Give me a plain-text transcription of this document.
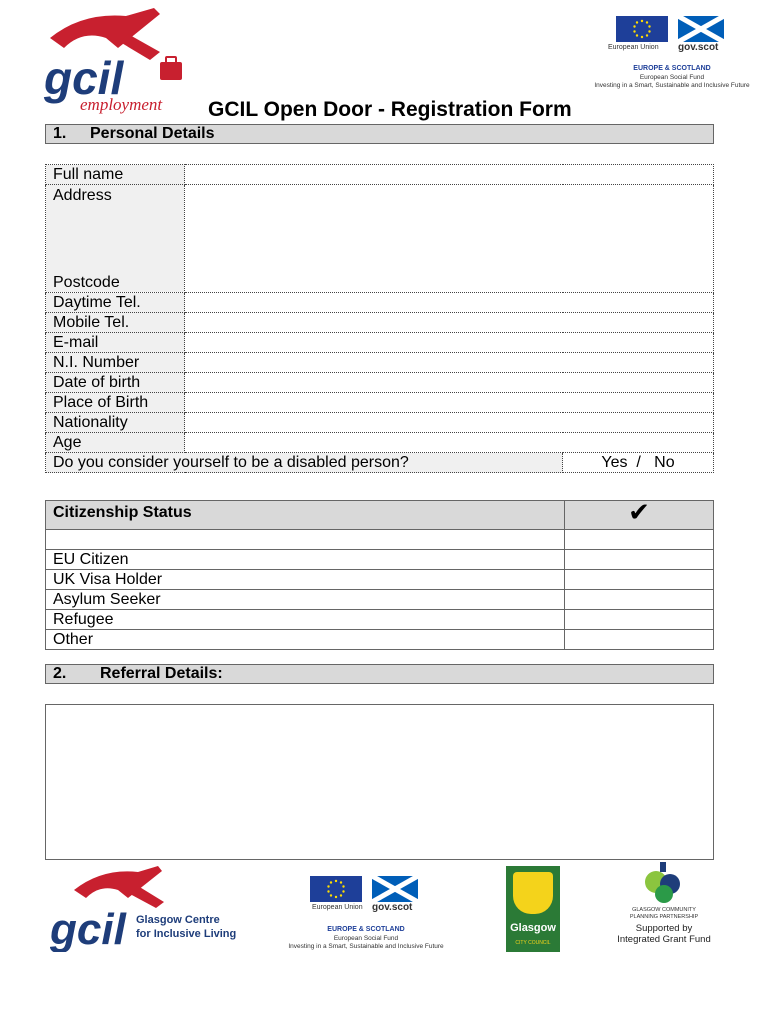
gcil
employment
European Union gov.scot
EUROPE & SCOTLAND
European Social Fund
Investing in a Smart, Sustainable and Inclusive Future
GCIL Open Door - Registration Form
1. Personal Details
Full name		

Address
Postcode		

Daytime Tel.		
Mobile Tel.		
E-mail		
N.I. Number		
Date of birth		
Place of Birth		
Nationality		
Age		
Do you consider yourself to be a disabled person?		Yes  /   No
Citizenship Status	✔

EU Citizen	
UK Visa Holder	
Asylum Seeker	
Refugee	
Other	
2. Referral Details:
gcil Glasgow Centre
for Inclusive Living
European Union gov.scot
EUROPE & SCOTLAND
European Social Fund
Investing in a Smart, Sustainable and Inclusive Future
Glasgow
CITY COUNCIL
GLASGOW COMMUNITY
PLANNING PARTNERSHIP
Supported by Integrated Grant Fund
